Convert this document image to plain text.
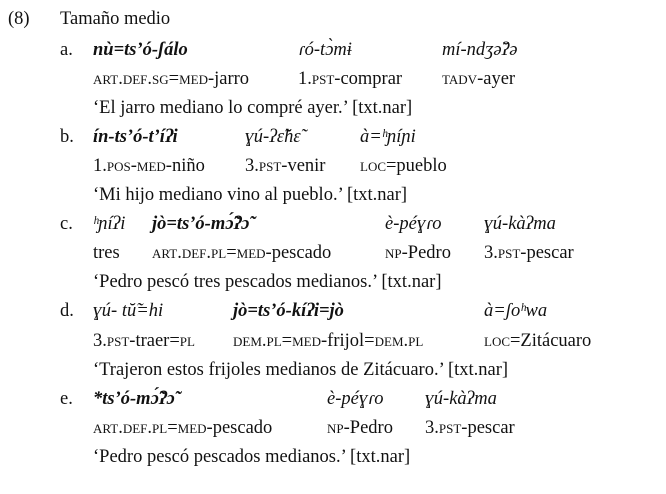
(8) Tamaño medio
a. nù=ts’ó-ʃálo	ɾó-tɔ̀mɨ	mí-ndʒə̆ʔə
art.def.sg=med-jarro	1.pst-comprar tadv-ayer
‘El jarro mediano lo compré ayer.’ [txt.nar]
b. ín-ts’ó-t’íʔi	ɣú-ʔɛ̃̆hɛ̃	à=ʰɲíɲi
1.pos-med-niño 3.pst-venir loc=pueblo
‘Mi hijo mediano vino al pueblo.’ [txt.nar]
c. ʰɲíʔi jò=ts’ó-mɔ̃́ʔɔ̃	è-péɣɾo ɣú-kàʔma
tres art.def.pl=med-pescado	np-Pedro 3.pst-pescar
‘Pedro pescó tres pescados medianos.’ [txt.nar]
d. ɣú- tŭ̃=hi	jò=ts’ó-kíʔi=jò	à=ʃoʰwa
3.pst-traer=pl dem.pl=med-frijol=dem.pl	loc=Zitácuaro
‘Trajeron estos frijoles medianos de Zitácuaro.’ [txt.nar]
e. *ts’ó-mɔ̃́ʔɔ̃	è-péɣɾo ɣú-kàʔma
art.def.pl=med-pescado	np-Pedro 3.pst-pescar
‘Pedro pescó pescados medianos.’ [txt.nar]
